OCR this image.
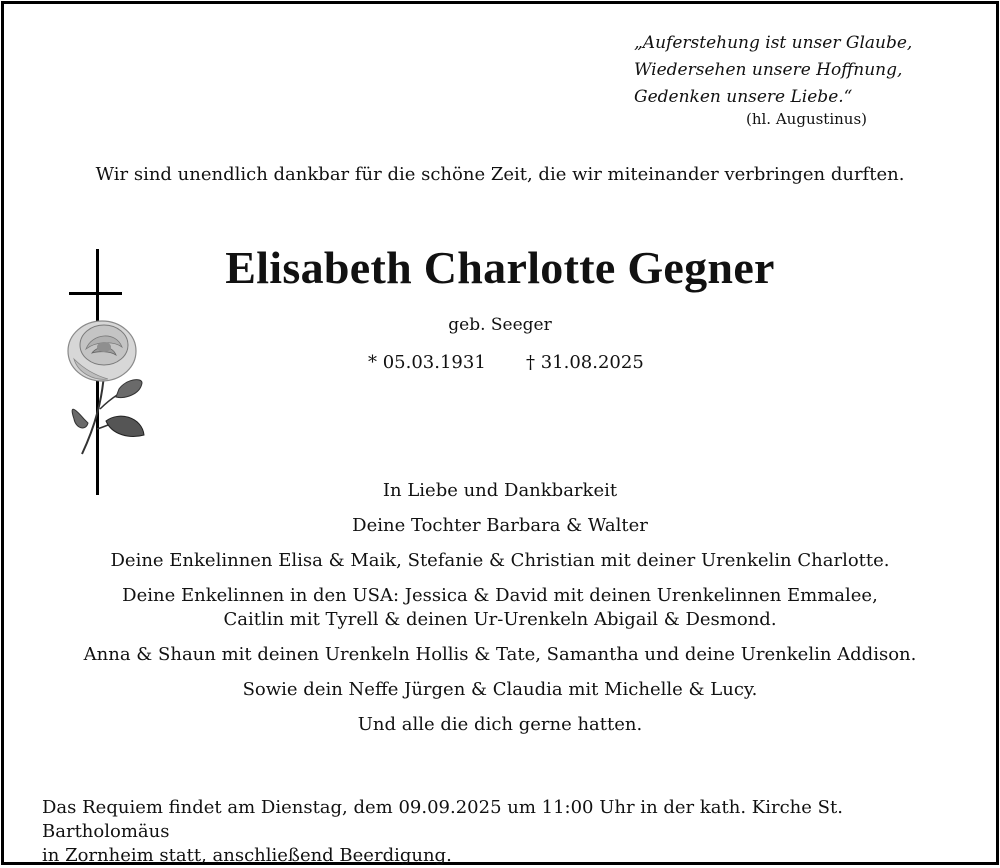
„Auferstehung ist unser Glaube,
Wiedersehen unsere Hoffnung,
Gedenken unsere Liebe.“
(hl. Augustinus)
Wir sind unendlich dankbar für die schöne Zeit, die wir miteinander verbringen durften.
Elisabeth Charlotte Gegner
geb. Seeger
* 05.03.1931 † 31.08.2025
In Liebe und Dankbarkeit
Deine Tochter Barbara & Walter
Deine Enkelinnen Elisa & Maik, Stefanie & Christian mit deiner Urenkelin Charlotte.
Deine Enkelinnen in den USA: Jessica & David mit deinen Urenkelinnen Emmalee,
Caitlin mit Tyrell & deinen Ur-Urenkeln Abigail & Desmond.
Anna & Shaun mit deinen Urenkeln Hollis & Tate, Samantha und deine Urenkelin Addison.
Sowie dein Neffe Jürgen & Claudia mit Michelle & Lucy.
Und alle die dich gerne hatten.
Das Requiem findet am Dienstag, dem 09.09.2025 um 11:00 Uhr in der kath. Kirche St. Bartholomäus
in Zornheim statt, anschließend Beerdigung.
